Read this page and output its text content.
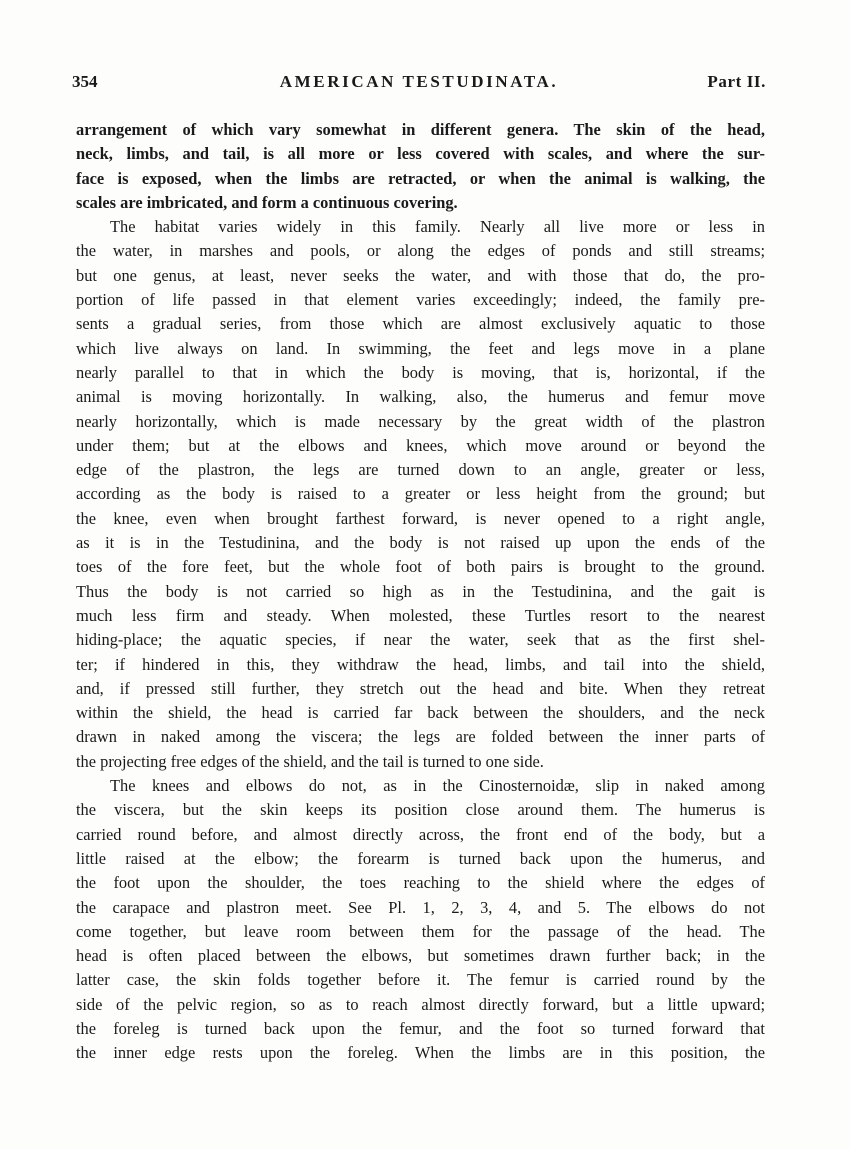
354	AMERICAN TESTUDINATA.	Part II.
arrangement of which vary somewhat in different genera. The skin of the head,
neck, limbs, and tail, is all more or less covered with scales, and where the sur-
face is exposed, when the limbs are retracted, or when the animal is walking, the
scales are imbricated, and form a continuous covering.
The habitat varies widely in this family. Nearly all live more or less in
the water, in marshes and pools, or along the edges of ponds and still streams;
but one genus, at least, never seeks the water, and with those that do, the pro-
portion of life passed in that element varies exceedingly; indeed, the family pre-
sents a gradual series, from those which are almost exclusively aquatic to those
which live always on land. In swimming, the feet and legs move in a plane
nearly parallel to that in which the body is moving, that is, horizontal, if the
animal is moving horizontally. In walking, also, the humerus and femur move
nearly horizontally, which is made necessary by the great width of the plastron
under them; but at the elbows and knees, which move around or beyond the
edge of the plastron, the legs are turned down to an angle, greater or less,
according as the body is raised to a greater or less height from the ground; but
the knee, even when brought farthest forward, is never opened to a right angle,
as it is in the Testudinina, and the body is not raised up upon the ends of the
toes of the fore feet, but the whole foot of both pairs is brought to the ground.
Thus the body is not carried so high as in the Testudinina, and the gait is
much less firm and steady. When molested, these Turtles resort to the nearest
hiding-place; the aquatic species, if near the water, seek that as the first shel-
ter; if hindered in this, they withdraw the head, limbs, and tail into the shield,
and, if pressed still further, they stretch out the head and bite. When they retreat
within the shield, the head is carried far back between the shoulders, and the neck
drawn in naked among the viscera; the legs are folded between the inner parts of
the projecting free edges of the shield, and the tail is turned to one side.
The knees and elbows do not, as in the Cinosternoidæ, slip in naked among
the viscera, but the skin keeps its position close around them. The humerus is
carried round before, and almost directly across, the front end of the body, but a
little raised at the elbow; the forearm is turned back upon the humerus, and
the foot upon the shoulder, the toes reaching to the shield where the edges of
the carapace and plastron meet. See Pl. 1, 2, 3, 4, and 5. The elbows do not
come together, but leave room between them for the passage of the head. The
head is often placed between the elbows, but sometimes drawn further back; in the
latter case, the skin folds together before it. The femur is carried round by the
side of the pelvic region, so as to reach almost directly forward, but a little upward;
the foreleg is turned back upon the femur, and the foot so turned forward that
the inner edge rests upon the foreleg. When the limbs are in this position, the
